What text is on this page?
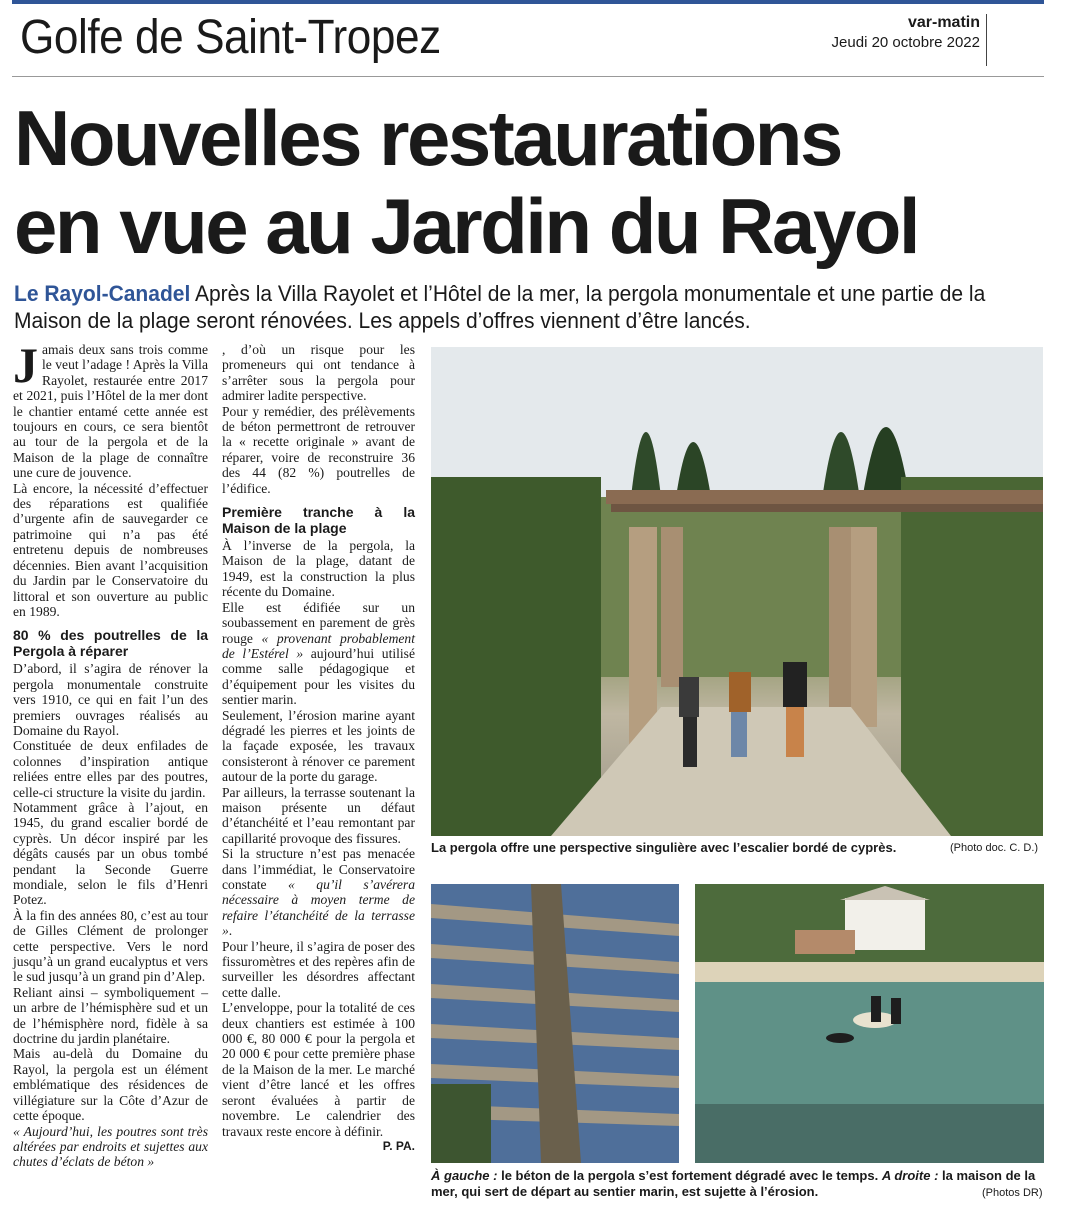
Golfe de Saint-Tropez	var-matin
Jeudi 20 octobre 2022
Nouvelles restaurations
en vue au Jardin du Rayol
Le Rayol-Canadel Après la Villa Rayolet et l’Hôtel de la mer, la pergola monumentale et une partie de la Maison de la plage seront rénovées. Les appels d’offres viennent d’être lancés.

Jamais deux sans trois comme le veut l’adage ! Après la Villa Rayolet, restaurée entre 2017 et 2021, puis l’Hôtel de la mer dont le chantier entamé cette année est toujours en cours, ce sera bientôt au tour de la pergola et de la Maison de la plage de connaître une cure de jouvence.

Là encore, la nécessité d’effectuer des réparations est qualifiée d’urgente afin de sauvegarder ce patrimoine qui n’a pas été entretenu depuis de nombreuses décennies. Bien avant l’acquisition du Jardin par le Conservatoire du littoral et son ouverture au public en 1989.

80 % des poutrelles de la Pergola à réparer

D’abord, il s’agira de rénover la pergola monumentale construite vers 1910, ce qui en fait l’un des premiers ouvrages réalisés au Domaine du Rayol.

Constituée de deux enfilades de colonnes d’inspiration antique reliées entre elles par des poutres, celle-ci structure la visite du jardin.

Notamment grâce à l’ajout, en 1945, du grand escalier bordé de cyprès. Un décor inspiré par les dégâts causés par un obus tombé pendant la Seconde Guerre mondiale, selon le fils d’Henri Potez.

À la fin des années 80, c’est au tour de Gilles Clément de prolonger cette perspective. Vers le nord jusqu’à un grand eucalyptus et vers le sud jusqu’à un grand pin d’Alep.

Reliant ainsi – symboliquement – un arbre de l’hémisphère sud et un de l’hémisphère nord, fidèle à sa doctrine du jardin planétaire.

Mais au-delà du Domaine du Rayol, la pergola est un élément emblématique des résidences de villégiature sur la Côte d’Azur de cette époque.

« Aujourd’hui, les poutres sont très altérées par endroits et sujettes aux chutes d’éclats de béton »

, d’où un risque pour les promeneurs qui ont tendance à s’arrêter sous la pergola pour admirer ladite perspective.

Pour y remédier, des prélèvements de béton permettront de retrouver la « recette originale » avant de réparer, voire de reconstruire 36 des 44 (82 %) poutrelles de l’édifice.

Première tranche à la Maison de la plage

À l’inverse de la pergola, la Maison de la plage, datant de 1949, est la construction la plus récente du Domaine.

Elle est édifiée sur un soubassement en parement de grès rouge « provenant probablement de l’Estérel » aujourd’hui utilisé comme salle pédagogique et d’équipement pour les visites du sentier marin.

Seulement, l’érosion marine ayant dégradé les pierres et les joints de la façade exposée, les travaux consisteront à rénover ce parement autour de la porte du garage.

Par ailleurs, la terrasse soutenant la maison présente un défaut d’étanchéité et l’eau remontant par capillarité provoque des fissures.

Si la structure n’est pas menacée dans l’immédiat, le Conservatoire constate « qu’il s’avérera nécessaire à moyen terme de refaire l’étanchéité de la terrasse ».

Pour l’heure, il s’agira de poser des fissuromètres et des repères afin de surveiller les désordres affectant cette dalle.

L’enveloppe, pour la totalité de ces deux chantiers est estimée à 100 000 €, 80 000 € pour la pergola et 20 000 € pour cette première phase de la Maison de la mer. Le marché vient d’être lancé et les offres seront évaluées à partir de novembre. Le calendrier des travaux reste encore à définir.

P. PA.
La pergola offre une perspective singulière avec l’escalier bordé de cyprès.	(Photo doc. C. D.)
À gauche : le béton de la pergola s’est fortement dégradé avec le temps. A droite : la maison de la mer, qui sert de départ au sentier marin, est sujette à l’érosion.	(Photos DR)
